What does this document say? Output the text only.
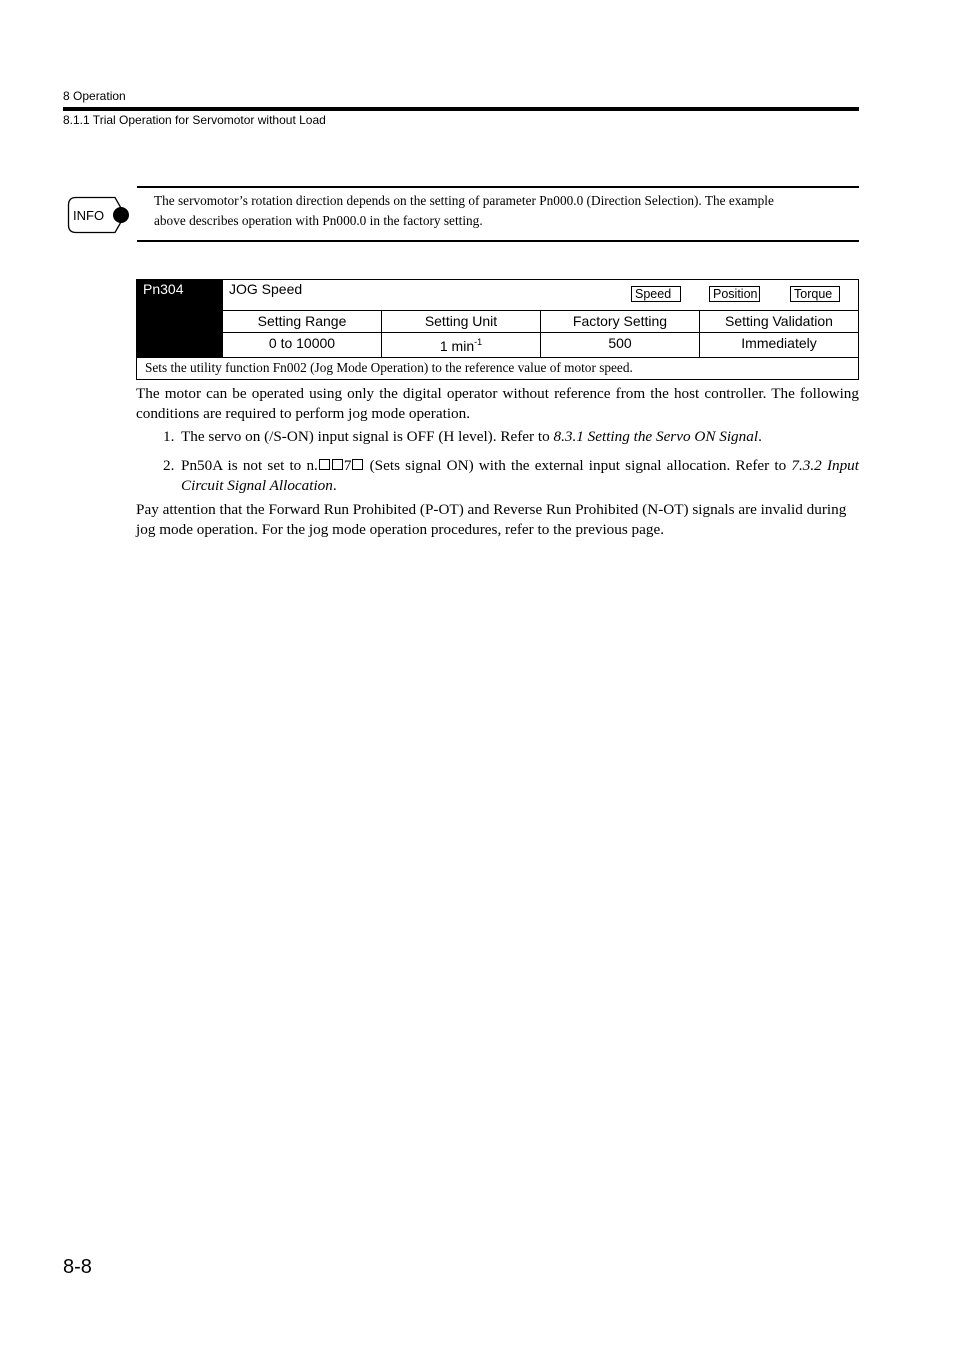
8 Operation
8.1.1 Trial Operation for Servomotor without Load
INFO
The servomotor’s rotation direction depends on the setting of parameter Pn000.0 (Direction Selection). The example
above describes operation with Pn000.0 in the factory setting.
Pn304	JOG Speed	Speed	Position	Torque
Setting Range	Setting Unit	Factory Setting	Setting Validation
0 to 10000	1 $\min^{-1}$	500	Immediately
Sets the utility function Fn002 (Jog Mode Operation) to the reference value of motor speed.
The motor can be operated using only the digital operator without reference from the host controller. The following conditions are required to perform jog mode operation.
1. The servo on (/S-ON) input signal is OFF (H level). Refer to 8.3.1 Setting the Servo ON Signal.
2. Pn50A is not set to n. 7 (Sets signal ON) with the external input signal allocation. Refer to 7.3.2 Input Circuit Signal Allocation.
Pay attention that the Forward Run Prohibited (P-OT) and Reverse Run Prohibited (N-OT) signals are invalid during jog mode operation. For the jog mode operation procedures, refer to the previous page.
8-8
